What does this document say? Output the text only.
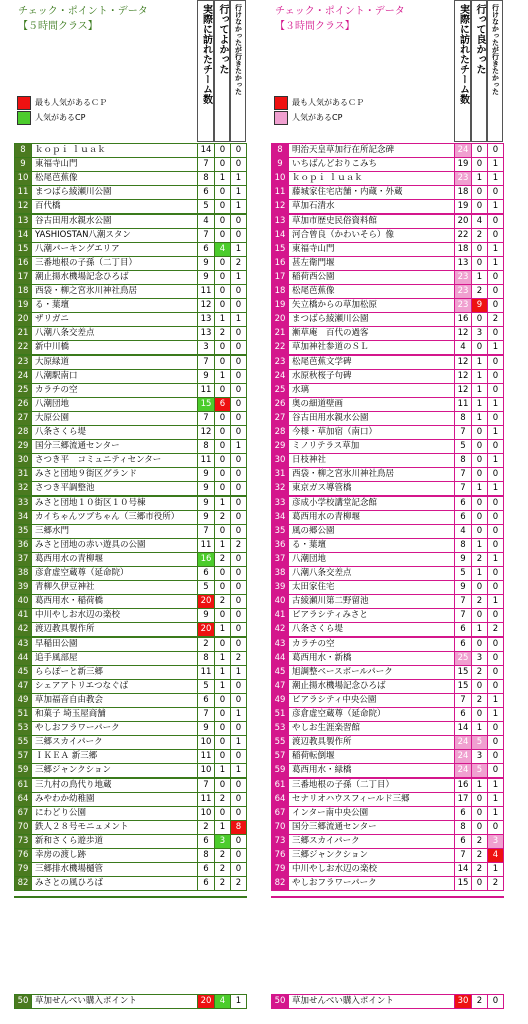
チェック・ポイント・データ
【５時間クラス】	実際に訪れたチーム数 行ってよかった 行けなかったが行きたかった
最も人気があるＣＰ
人気があるCP
8	ｋｏｐｉ ｌｕａｋ	14 0	0
9	東福寺山門	7	0	0
10 松尾芭蕉像	8	1	1
11 まつばら綾瀬川公園	6	0	1
12 百代橋	5	0	1
13 谷古田用水親水公園	4	0	0
14 YASHIOSTAN八潮スタン	7	0	0
15 八潮パーキングエリア	6	4	1
16 三番地根の子孫（二丁目）	9	0	2
17 潮止揚水機場記念ひろば	9	0	1
18 西袋・柳之宮氷川神社鳥居	11 0	0
19 る・葉壇	12 0	0
20 ザリガニ	13 1	1
21 八潮八条交差点	13 2	0
22 新中川橋	3	0	0
23 大原緑道	7	0	0
24 八潮駅南口	9	1	0
25 カラチの空	11 0	0
26 八潮団地	15 6	0
27 大原公園	7	0	0
28 八条さくら堤	12 0	0
29 国分三郷流通センター	8	0	1
30 さつき平　コミュニティセンター	11 0	0
31 みさと団地９街区グランド	9	0	0
32 さつき平調整池	9	0	0
33 みさと団地１０街区１０号棟	9	1	0
34 カイちゃんツブちゃん（三郷市役所）	9	2	0
35 三郷水門	7	0	0
36 みさと団地の赤い遊具の公園	11 1	2
37 葛西用水の青柳堰	16 2	0
38 彦倉虚空蔵尊（延命院）	6	0	0
39 青柳久伊豆神社	5	0	0
40 葛西用水・稲荷橋	20 2	0
41 中川やしお水辺の楽校	9	0	0
42 渡辺教具製作所	20 1	0
43 早稲田公園	2	0	0
44 追手風部屋	8	1	2
45 ららぽーと新三郷	11 1	1
47 シェアアトリエつなぐば	5	1	0
49 草加福音自由教会	6	0	0
51 和菓子 埼玉屋商舗	7	0	1
53 やしおフラワーパーク	9	0	0
55 三郷スカイパーク	10 0	1
57 ＩＫＥＡ 新三郷	11 0	0
59 三郷ジャンクション	10 1	1
61 三九村の鳥代り地蔵	7	0	0
64 みやわか幼稚園	11 2	0
67 にわどり公園	10 0	0
70 鉄人２８号モニュメント	2	1	8
73 新和さくら遊歩道	6	3	0
76 幸房の渡し跡	8	2	0
79 三郷排水機場樋管	6	2	0
82 みさとの風ひろば	6	2	2
50 草加せんべい購入ポイント	20 4	1
チェック・ポイント・データ
【３時間クラス】	実際に訪れたチーム数 行って良かった 行けなかったが行きたかった
最も人気があるＣＰ
人気があるCP
8	明治天皇草加行在所記念碑	24 0	0
9	いちばんどおりこみち	19 0	1
10 ｋｏｐｉ ｌｕａｋ	23 1	1
11 藤城家住宅店舗・内蔵・外蔵	18 0	0
12 草加石清水	19 0	1
13 草加市歴史民俗資料館	20 4	0
14 河合曾良（かわいそら）像	22 2	0
15 東福寺山門	18 0	1
16 甚左衛門堰	13 0	1
17 稲荷西公園	23 1	0
18 松尾芭蕉像	23 2	0
19 矢立橋からの草加松原	23 9	0
20 まつばら綾瀬川公園	16 0	2
21 漸草庵　百代の過客	12 3	0
22 草加神社参道のＳＬ	4	0	1
23 松尾芭蕉文学碑	12 1	0
24 水原秋桜子句碑	12 1	0
25 水璃	12 1	0
26 奥の細道壁画	11 1	1
27 谷古田用水親水公園	8	1	0
28 今様・草加宿（南口）	7	0	1
29 ミノリテラス草加	5	0	0
30 日枝神社	8	0	1
31 西袋・柳之宮氷川神社鳥居	7	0	0
32 東京ガス導管橋	7	1	1
33 彦成小学校講堂記念館	6	0	0
34 葛西用水の青柳堰	6	0	0
35 風の郷公園	4	0	0
36 る・葉壇	8	1	0
37 八潮団地	9	2	1
38 八潮八条交差点	5	1	0
39 太田家住宅	9	0	0
40 古綾瀬川第二野留池	7	2	1
41 ビアラシティみさと	7	0	0
42 八条さくら堤	6	1	2
43 カラチの空	6	0	0
44 葛西用水・新橋	25 3	0
45 旭調整ベースボールパーク	15 2	0
47 潮止揚水機場記念ひろば	15 0	0
49 ビアラシティ中央公園	7	2	1
51 彦倉虚空蔵尊（延命院）	6	0	1
53 やしお生涯楽習館	14 1	0
55 渡辺教具製作所	24 5	0
57 稲荷転倒堰	24 3	0
59 葛西用水・緑橋	24 5	0
61 三番地根の子孫（二丁目）	16 1	1
64 セナリオハウスフィールド三郷	17 0	1
67 インター南中央公園	6	0	1
70 国分三郷流通センター	8	0	0
73 三郷スカイパーク	6	2	3
76 三郷ジャンクション	7	2	4
79 中川やしお水辺の楽校	14 2	1
82 やしおフラワーパーク	15 0	2
50 草加せんべい購入ポイント	30 2	0
